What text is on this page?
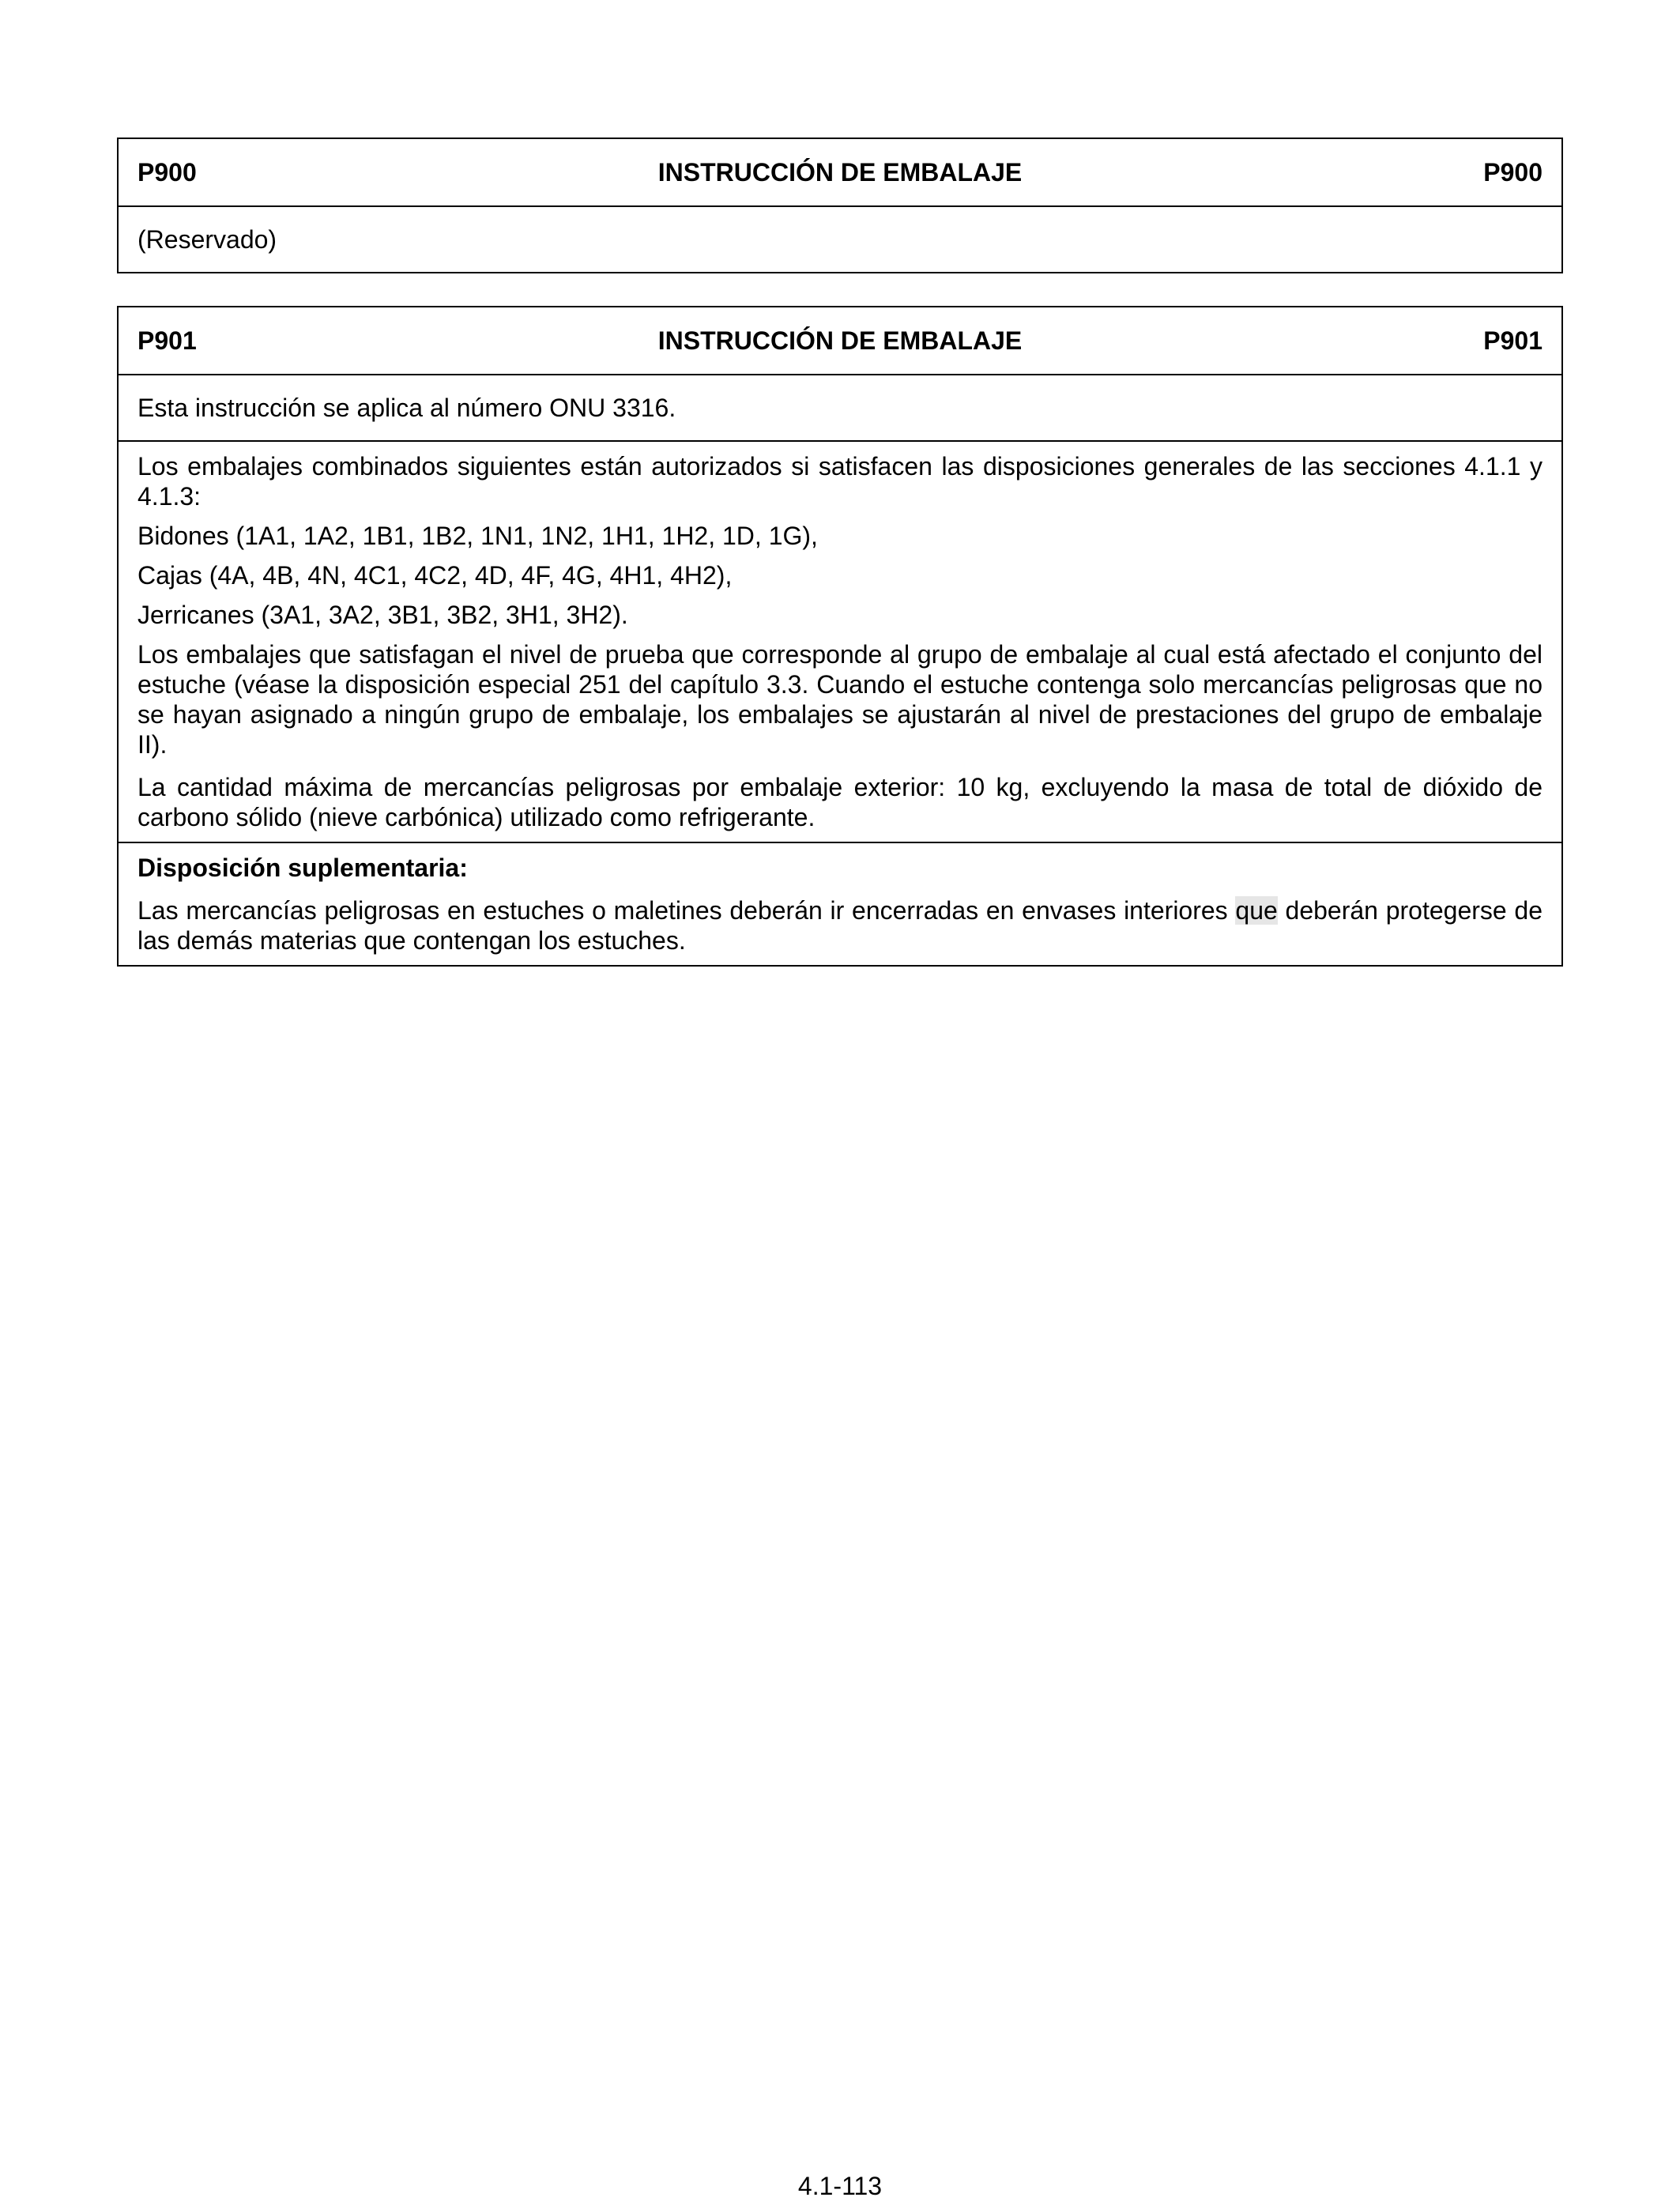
P900	INSTRUCCIÓN DE EMBALAJE	P900
(Reservado)
P901	INSTRUCCIÓN DE EMBALAJE	P901
Esta instrucción se aplica al número ONU 3316.

Los embalajes combinados siguientes están autorizados si satisfacen las disposiciones generales de las secciones 4.1.1 y 4.1.3:

Bidones (1A1, 1A2, 1B1, 1B2, 1N1, 1N2, 1H1, 1H2, 1D, 1G),

Cajas (4A, 4B, 4N, 4C1, 4C2, 4D, 4F, 4G, 4H1, 4H2),

Jerricanes (3A1, 3A2, 3B1, 3B2, 3H1, 3H2).

Los embalajes que satisfagan el nivel de prueba que corresponde al grupo de embalaje al cual está afectado el conjunto del estuche (véase la disposición especial 251 del capítulo 3.3. Cuando el estuche contenga solo mercancías peligrosas que no se hayan asignado a ningún grupo de embalaje, los embalajes se ajustarán al nivel de prestaciones del grupo de embalaje II).

La cantidad máxima de mercancías peligrosas por embalaje exterior: 10 kg, excluyendo la masa de total de dióxido de carbono sólido (nieve carbónica) utilizado como refrigerante.

Disposición suplementaria:

Las mercancías peligrosas en estuches o maletines deberán ir encerradas en envases interiores que deberán protegerse de las demás materias que contengan los estuches.

4.1-113
